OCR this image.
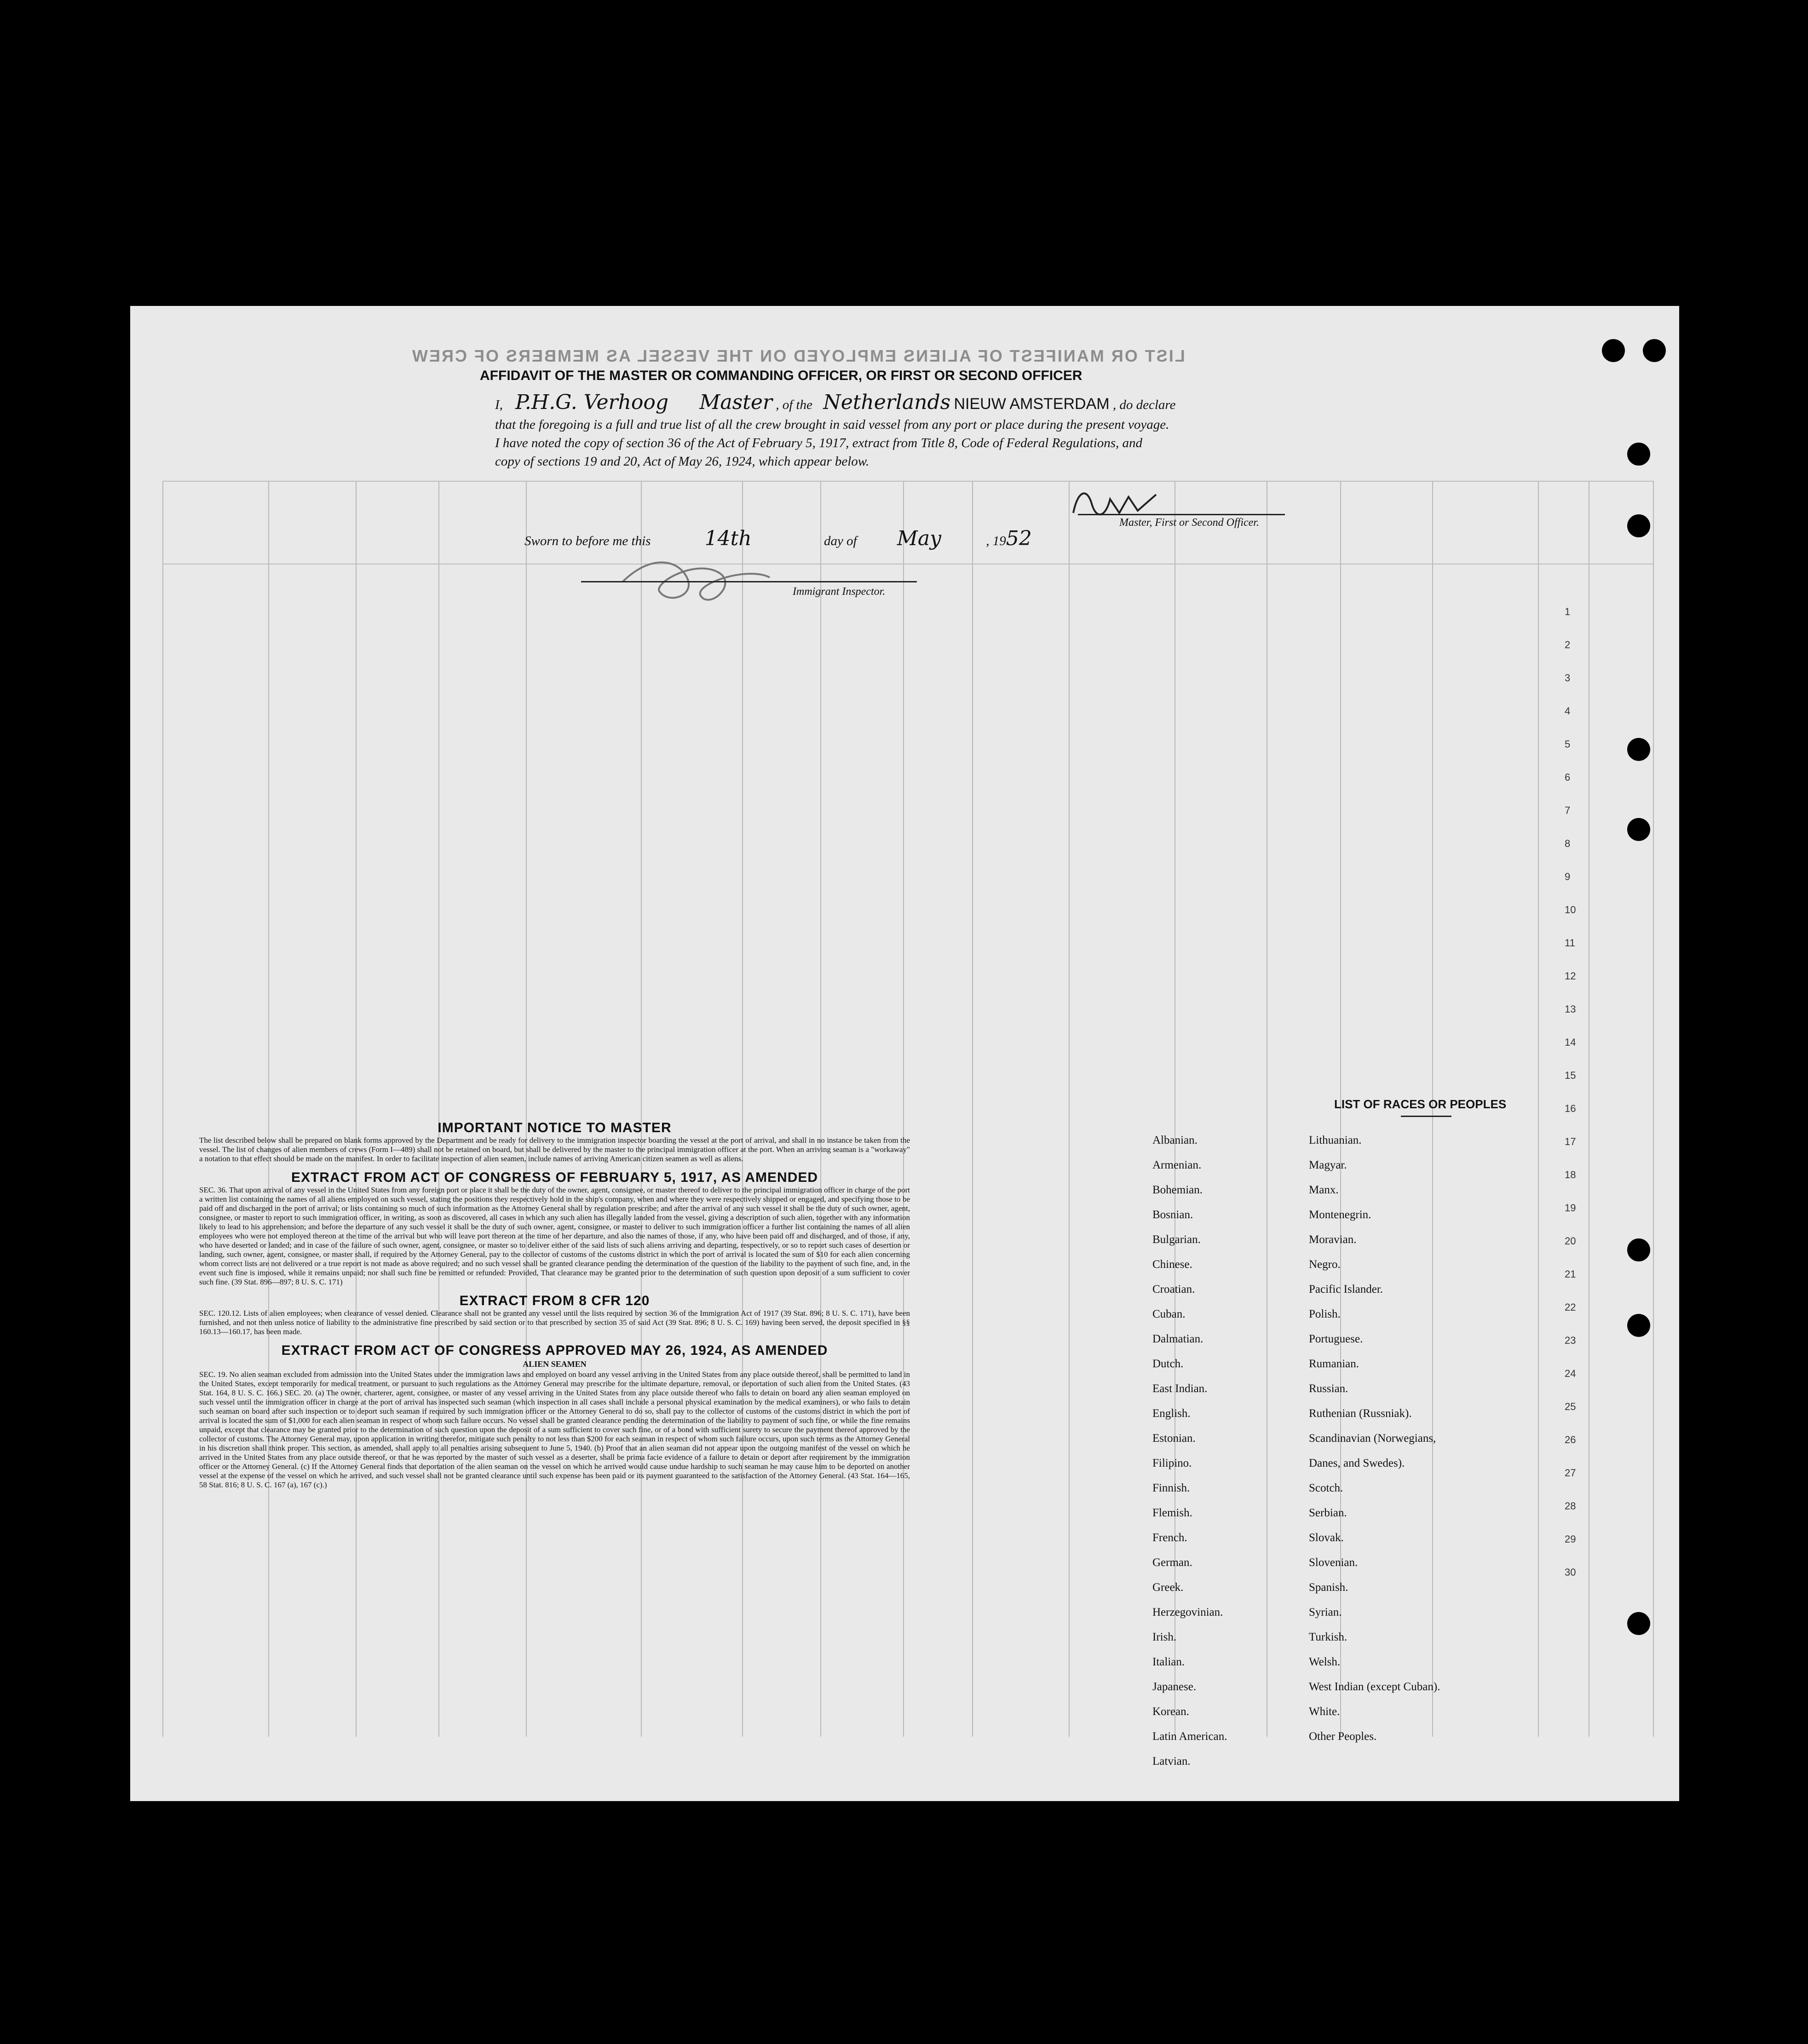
LIST OR MANIFEST OF ALIENS EMPLOYED ON THE VESSEL AS MEMBERS OF CREW
AFFIDAVIT OF THE MASTER OR COMMANDING OFFICER, OR FIRST OR SECOND OFFICER
1
2
3
4
5
6
7
8
9
10
11
12
13
14
15
16
17
18
19
20
21
22
23
24
25
26
27
28
29
30
I, P.H.G. Verhoog Master , of the Netherlands NIEUW AMSTERDAM , do declare
that the foregoing is a full and true list of all the crew brought in said vessel from any port or place during the present voyage.
I have noted the copy of section 36 of the Act of February 5, 1917, extract from Title 8, Code of Federal Regulations, and
copy of sections 19 and 20, Act of May 26, 1924, which appear below.
Sworn to before me this	14th	day of May	, 1952
Master, First or Second Officer.
Immigrant Inspector.
IMPORTANT NOTICE TO MASTER

The list described below shall be prepared on blank forms approved by the Department and be ready for delivery to the immigration inspector boarding the vessel at the port of arrival, and shall in no instance be taken from the vessel. The list of changes of alien members of crews (Form I—489) shall not be retained on board, but shall be delivered by the master to the principal immigration officer at the port. When an arriving seaman is a "workaway" a notation to that effect should be made on the manifest. In order to facilitate inspection of alien seamen, include names of arriving American citizen seamen as well as aliens.

EXTRACT FROM ACT OF CONGRESS OF FEBRUARY 5, 1917, AS AMENDED

SEC. 36. That upon arrival of any vessel in the United States from any foreign port or place it shall be the duty of the owner, agent, consignee, or master thereof to deliver to the principal immigration officer in charge of the port a written list containing the names of all aliens employed on such vessel, stating the positions they respectively hold in the ship's company, when and where they were respectively shipped or engaged, and specifying those to be paid off and discharged in the port of arrival; or lists containing so much of such information as the Attorney General shall by regulation prescribe; and after the arrival of any such vessel it shall be the duty of such owner, agent, consignee, or master to report to such immigration officer, in writing, as soon as discovered, all cases in which any such alien has illegally landed from the vessel, giving a description of such alien, together with any information likely to lead to his apprehension; and before the departure of any such vessel it shall be the duty of such owner, agent, consignee, or master to deliver to such immigration officer a further list containing the names of all alien employees who were not employed thereon at the time of the arrival but who will leave port thereon at the time of her departure, and also the names of those, if any, who have been paid off and discharged, and of those, if any, who have deserted or landed; and in case of the failure of such owner, agent, consignee, or master so to deliver either of the said lists of such aliens arriving and departing, respectively, or so to report such cases of desertion or landing, such owner, agent, consignee, or master shall, if required by the Attorney General, pay to the collector of customs of the customs district in which the port of arrival is located the sum of $10 for each alien concerning whom correct lists are not delivered or a true report is not made as above required; and no such vessel shall be granted clearance pending the determination of the question of the liability to the payment of such fine, and, in the event such fine is imposed, while it remains unpaid; nor shall such fine be remitted or refunded: Provided, That clearance may be granted prior to the determination of such question upon deposit of a sum sufficient to cover such fine. (39 Stat. 896—897; 8 U. S. C. 171)

EXTRACT FROM 8 CFR 120

SEC. 120.12. Lists of alien employees; when clearance of vessel denied. Clearance shall not be granted any vessel until the lists required by section 36 of the Immigration Act of 1917 (39 Stat. 896; 8 U. S. C. 171), have been furnished, and not then unless notice of liability to the administrative fine prescribed by said section or to that prescribed by section 35 of said Act (39 Stat. 896; 8 U. S. C. 169) having been served, the deposit specified in §§ 160.13—160.17, has been made.

EXTRACT FROM ACT OF CONGRESS APPROVED MAY 26, 1924, AS AMENDED
ALIEN SEAMEN

SEC. 19. No alien seaman excluded from admission into the United States under the immigration laws and employed on board any vessel arriving in the United States from any place outside thereof, shall be permitted to land in the United States, except temporarily for medical treatment, or pursuant to such regulations as the Attorney General may prescribe for the ultimate departure, removal, or deportation of such alien from the United States. (43 Stat. 164, 8 U. S. C. 166.) SEC. 20. (a) The owner, charterer, agent, consignee, or master of any vessel arriving in the United States from any place outside thereof who fails to detain on board any alien seaman employed on such vessel until the immigration officer in charge at the port of arrival has inspected such seaman (which inspection in all cases shall include a personal physical examination by the medical examiners), or who fails to detain such seaman on board after such inspection or to deport such seaman if required by such immigration officer or the Attorney General to do so, shall pay to the collector of customs of the customs district in which the port of arrival is located the sum of $1,000 for each alien seaman in respect of whom such failure occurs. No vessel shall be granted clearance pending the determination of the liability to payment of such fine, or while the fine remains unpaid, except that clearance may be granted prior to the determination of such question upon the deposit of a sum sufficient to cover such fine, or of a bond with sufficient surety to secure the payment thereof approved by the collector of customs. The Attorney General may, upon application in writing therefor, mitigate such penalty to not less than $200 for each seaman in respect of whom such failure occurs, upon such terms as the Attorney General in his discretion shall think proper. This section, as amended, shall apply to all penalties arising subsequent to June 5, 1940. (b) Proof that an alien seaman did not appear upon the outgoing manifest of the vessel on which he arrived in the United States from any place outside thereof, or that he was reported by the master of such vessel as a deserter, shall be prima facie evidence of a failure to detain or deport after requirement by the immigration officer or the Attorney General. (c) If the Attorney General finds that deportation of the alien seaman on the vessel on which he arrived would cause undue hardship to such seaman he may cause him to be deported on another vessel at the expense of the vessel on which he arrived, and such vessel shall not be granted clearance until such expense has been paid or its payment guaranteed to the satisfaction of the Attorney General. (43 Stat. 164—165, 58 Stat. 816; 8 U. S. C. 167 (a), 167 (c).)

LIST OF RACES OR PEOPLES
Albanian.
Armenian.
Bohemian.
Bosnian.
Bulgarian.
Chinese.
Croatian.
Cuban.
Dalmatian.
Dutch.
East Indian.
English.
Estonian.
Filipino.
Finnish.
Flemish.
French.
German.
Greek.
Herzegovinian.
Irish.
Italian.
Japanese.
Korean.
Latin American.
Latvian.
Lithuanian.
Magyar.
Manx.
Montenegrin.
Moravian.
Negro.
Pacific Islander.
Polish.
Portuguese.
Rumanian.
Russian.
Ruthenian (Russniak).
Scandinavian (Norwegians,
Danes, and Swedes).
Scotch.
Serbian.
Slovak.
Slovenian.
Spanish.
Syrian.
Turkish.
Welsh.
West Indian (except Cuban).
White.
Other Peoples.
